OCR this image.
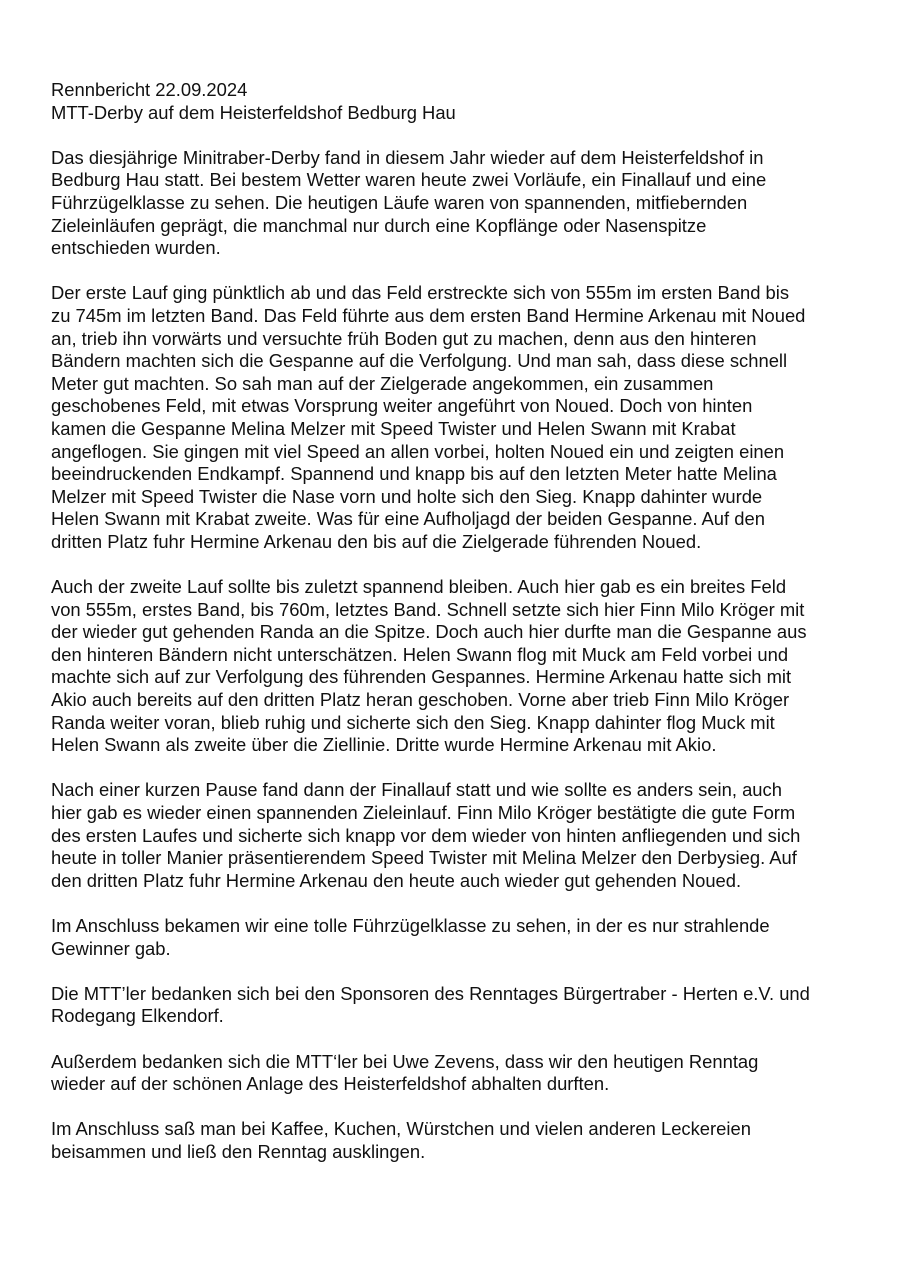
Rennbericht 22.09.2024

MTT-Derby auf dem Heisterfeldshof Bedburg Hau

Das diesjährige Minitraber-Derby fand in diesem Jahr wieder auf dem Heisterfeldshof in
Bedburg Hau statt. Bei bestem Wetter waren heute zwei Vorläufe, ein Finallauf und eine
Führzügelklasse zu sehen. Die heutigen Läufe waren von spannenden, mitfiebernden
Zieleinläufen geprägt, die manchmal nur durch eine Kopflänge oder Nasenspitze
entschieden wurden.
Der erste Lauf ging pünktlich ab und das Feld erstreckte sich von 555m im ersten Band bis
zu 745m im letzten Band. Das Feld führte aus dem ersten Band Hermine Arkenau mit Noued
an, trieb ihn vorwärts und versuchte früh Boden gut zu machen, denn aus den hinteren
Bändern machten sich die Gespanne auf die Verfolgung. Und man sah, dass diese schnell
Meter gut machten. So sah man auf der Zielgerade angekommen, ein zusammen
geschobenes Feld, mit etwas Vorsprung weiter angeführt von Noued. Doch von hinten
kamen die Gespanne Melina Melzer mit Speed Twister und Helen Swann mit Krabat
angeflogen. Sie gingen mit viel Speed an allen vorbei, holten Noued ein und zeigten einen
beeindruckenden Endkampf. Spannend und knapp bis auf den letzten Meter hatte Melina
Melzer mit Speed Twister die Nase vorn und holte sich den Sieg. Knapp dahinter wurde
Helen Swann mit Krabat zweite. Was für eine Aufholjagd der beiden Gespanne. Auf den
dritten Platz fuhr Hermine Arkenau den bis auf die Zielgerade führenden Noued.
Auch der zweite Lauf sollte bis zuletzt spannend bleiben. Auch hier gab es ein breites Feld
von 555m, erstes Band, bis 760m, letztes Band. Schnell setzte sich hier Finn Milo Kröger mit
der wieder gut gehenden Randa an die Spitze. Doch auch hier durfte man die Gespanne aus
den hinteren Bändern nicht unterschätzen. Helen Swann flog mit Muck am Feld vorbei und
machte sich auf zur Verfolgung des führenden Gespannes. Hermine Arkenau hatte sich mit
Akio auch bereits auf den dritten Platz heran geschoben. Vorne aber trieb Finn Milo Kröger
Randa weiter voran, blieb ruhig und sicherte sich den Sieg. Knapp dahinter flog Muck mit
Helen Swann als zweite über die Ziellinie. Dritte wurde Hermine Arkenau mit Akio.
Nach einer kurzen Pause fand dann der Finallauf statt und wie sollte es anders sein, auch
hier gab es wieder einen spannenden Zieleinlauf. Finn Milo Kröger bestätigte die gute Form
des ersten Laufes und sicherte sich knapp vor dem wieder von hinten anfliegenden und sich
heute in toller Manier präsentierendem Speed Twister mit Melina Melzer den Derbysieg. Auf
den dritten Platz fuhr Hermine Arkenau den heute auch wieder gut gehenden Noued.
Im Anschluss bekamen wir eine tolle Führzügelklasse zu sehen, in der es nur strahlende
Gewinner gab.
Die MTT’ler bedanken sich bei den Sponsoren des Renntages Bürgertraber - Herten e.V. und
Rodegang Elkendorf.
Außerdem bedanken sich die MTT‘ler bei Uwe Zevens, dass wir den heutigen Renntag
wieder auf der schönen Anlage des Heisterfeldshof abhalten durften.
Im Anschluss saß man bei Kaffee, Kuchen, Würstchen und vielen anderen Leckereien
beisammen und ließ den Renntag ausklingen.
